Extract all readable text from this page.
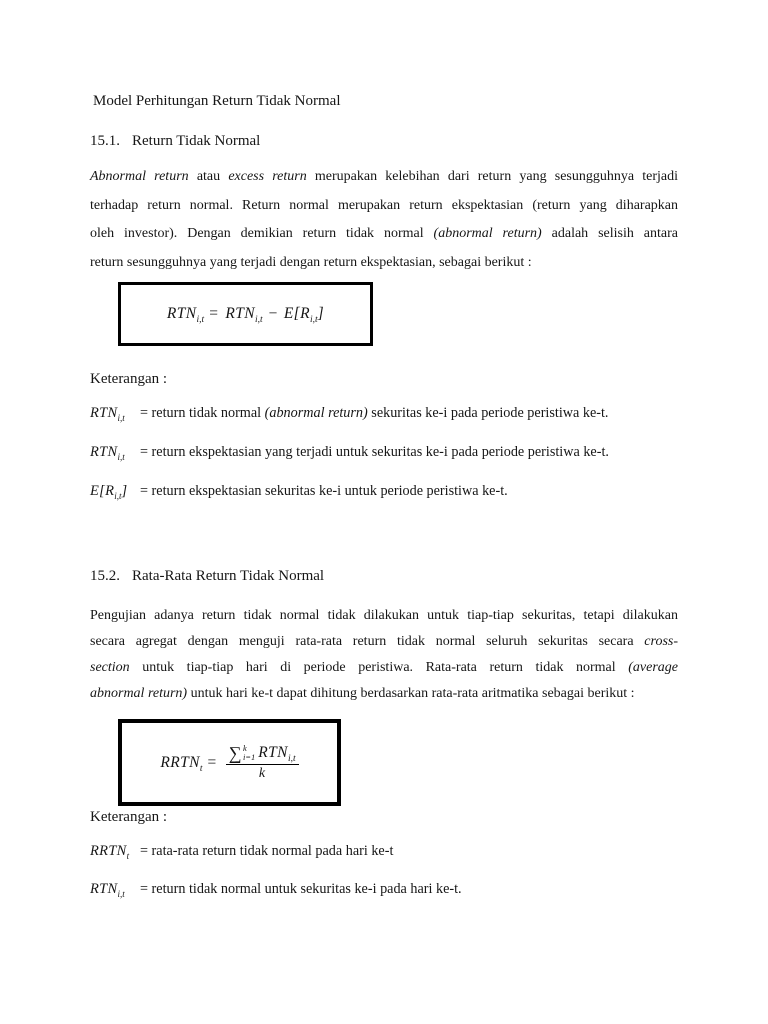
Model Perhitungan Return Tidak Normal
15.1. Return Tidak Normal
Abnormal return atau excess return merupakan kelebihan dari return yang sesungguhnya terjadi
terhadap return normal. Return normal merupakan return ekspektasian (return yang diharapkan
oleh investor). Dengan demikian return tidak normal (abnormal return) adalah selisih antara
return sesungguhnya yang terjadi dengan return ekspektasian, sebagai berikut :
$RTN_{i,t} = RTN_{i,t} - E[R_{i,t}]$
Keterangan :
$RTN_{i,t}$	= return tidak normal (abnormal return) sekuritas ke-i pada periode peristiwa ke-t.
$RTN_{i,t}$	= return ekspektasian yang terjadi untuk sekuritas ke-i pada periode peristiwa ke-t.
$E[R_{i,t}]$ = return ekspektasian sekuritas ke-i untuk periode peristiwa ke-t.
15.2. Rata-Rata Return Tidak Normal
Pengujian adanya return tidak normal tidak dilakukan untuk tiap-tiap sekuritas, tetapi dilakukan
secara agregat dengan menguji rata-rata return tidak normal seluruh sekuritas secara cross-
section untuk tiap-tiap hari di periode peristiwa. Rata-rata return tidak normal (average
abnormal return) untuk hari ke-t dapat dihitung berdasarkan rata-rata aritmatika sebagai berikut :
$RRTN_t$ = ∑ k
i=1 $RTN_{i,t}$
k
Keterangan :
$RRTN_t$ = rata-rata return tidak normal pada hari ke-t
$RTN_{i,t}$	= return tidak normal untuk sekuritas ke-i pada hari ke-t.
